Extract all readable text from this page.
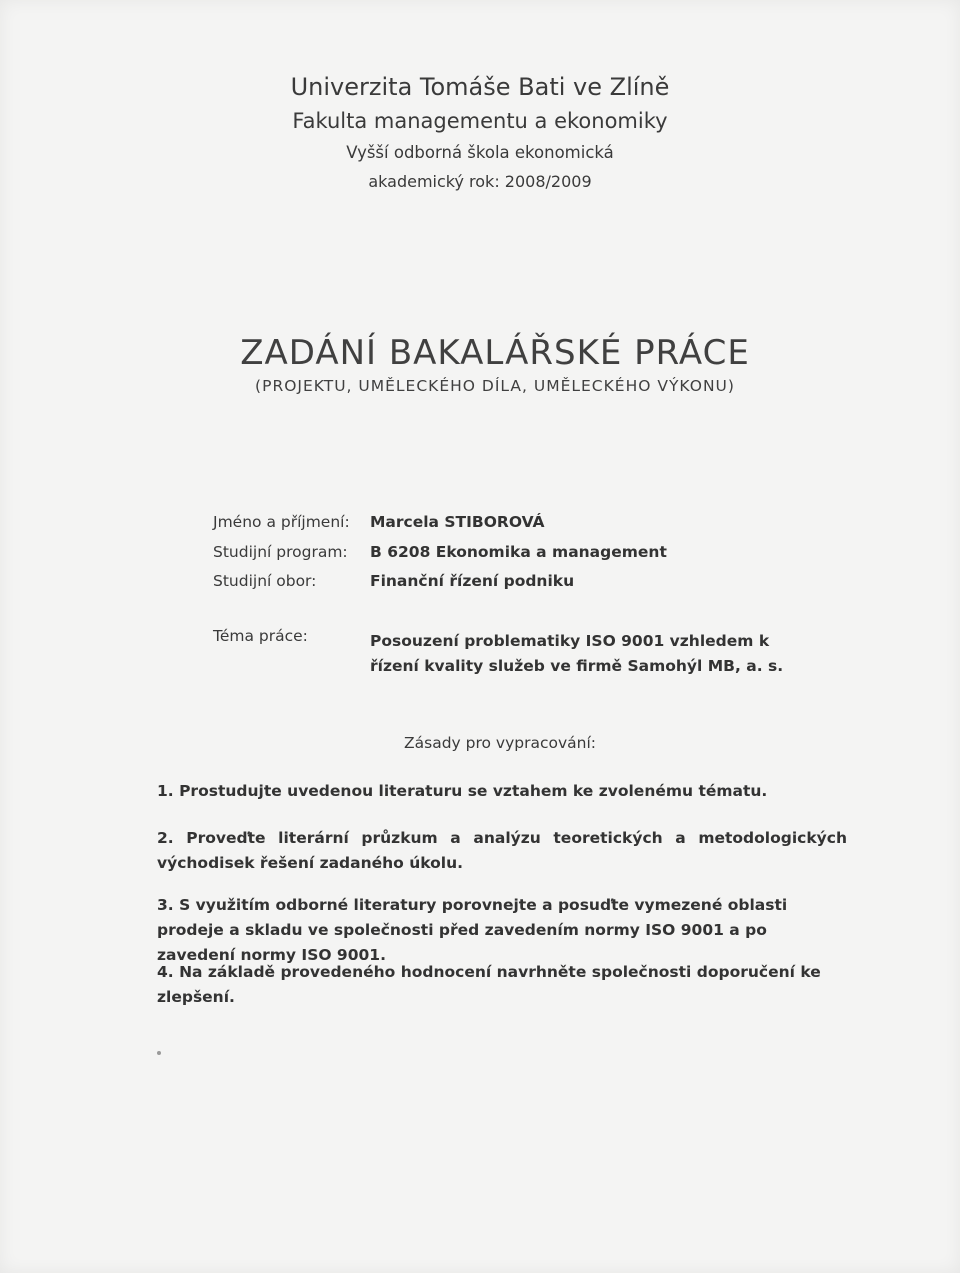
Univerzita Tomáše Bati ve Zlíně
Fakulta managementu a ekonomiky
Vyšší odborná škola ekonomická
akademický rok: 2008/2009
ZADÁNÍ BAKALÁŘSKÉ PRÁCE
(PROJEKTU, UMĚLECKÉHO DÍLA, UMĚLECKÉHO VÝKONU)
Jméno a příjmení: Marcela STIBOROVÁ
Studijní program: B 6208 Ekonomika a management
Studijní obor:	Finanční řízení podniku
Téma práce:	Posouzení problematiky ISO 9001 vzhledem k řízení kvality služeb ve firmě Samohýl MB, a. s.
Zásady pro vypracování:
1. Prostudujte uvedenou literaturu se vztahem ke zvolenému tématu.
2. Proveďte literární průzkum a analýzu teoretických a metodologických východisek řešení zadaného úkolu.
3. S využitím odborné literatury porovnejte a posuďte vymezené oblasti prodeje a skladu ve společnosti před zavedením normy ISO 9001 a po zavedení normy ISO 9001.
4. Na základě provedeného hodnocení navrhněte společnosti doporučení ke zlepšení.
